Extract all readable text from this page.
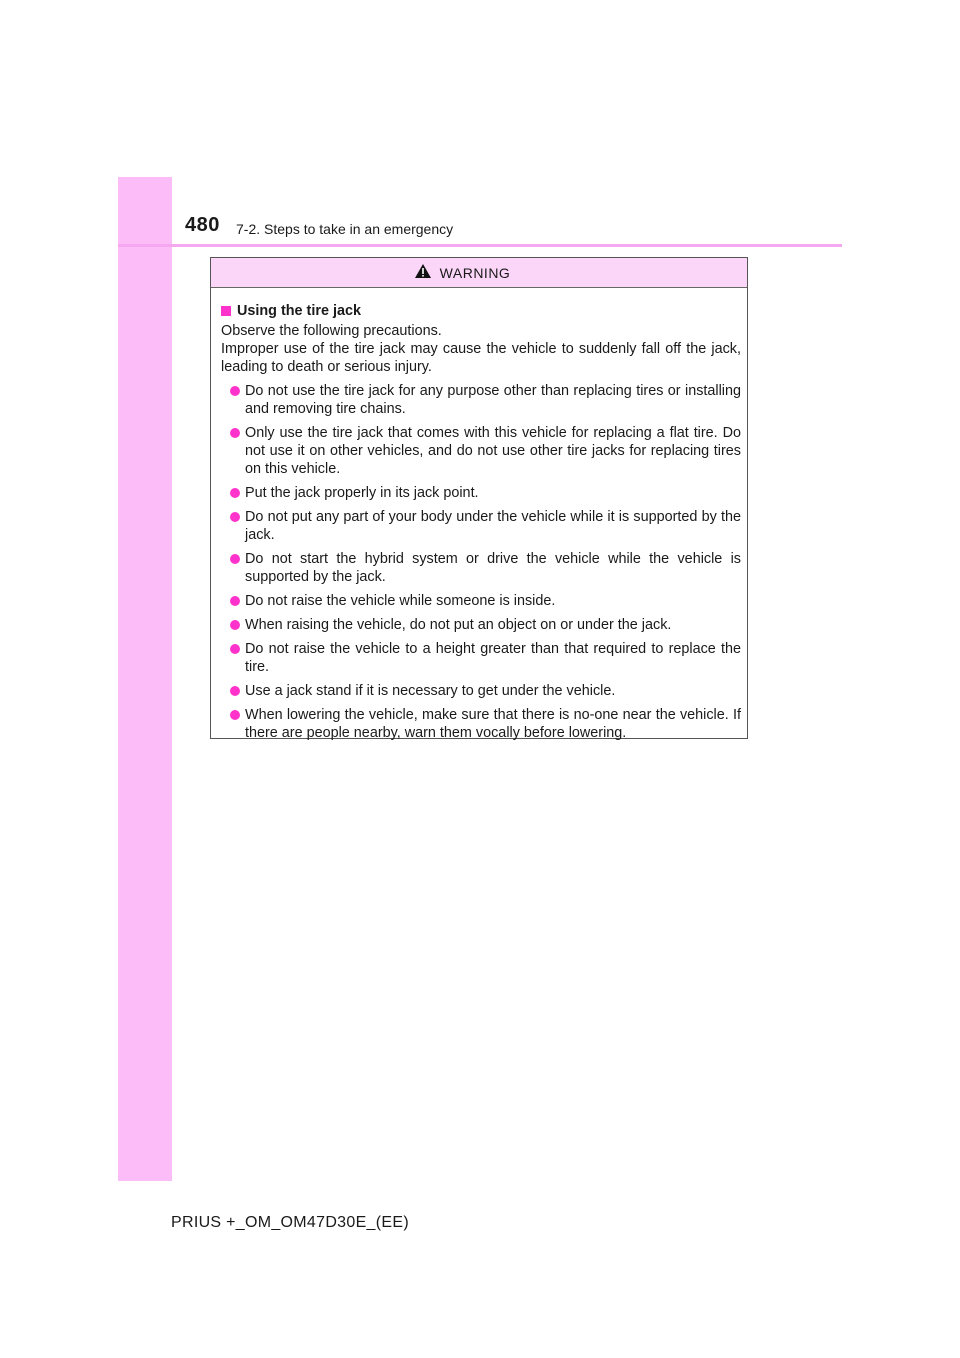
480 7-2. Steps to take in an emergency
WARNING
Using the tire jack
Observe the following precautions.
Improper use of the tire jack may cause the vehicle to suddenly fall off the jack, leading to death or serious injury.
Do not use the tire jack for any purpose other than replacing tires or installing and removing tire chains.
Only use the tire jack that comes with this vehicle for replacing a flat tire. Do not use it on other vehicles, and do not use other tire jacks for replacing tires on this vehicle.
Put the jack properly in its jack point.
Do not put any part of your body under the vehicle while it is supported by the jack.
Do not start the hybrid system or drive the vehicle while the vehicle is supported by the jack.
Do not raise the vehicle while someone is inside.
When raising the vehicle, do not put an object on or under the jack.
Do not raise the vehicle to a height greater than that required to replace the tire.
Use a jack stand if it is necessary to get under the vehicle.
When lowering the vehicle, make sure that there is no-one near the vehicle. If there are people nearby, warn them vocally before lowering.
PRIUS +_OM_OM47D30E_(EE)
